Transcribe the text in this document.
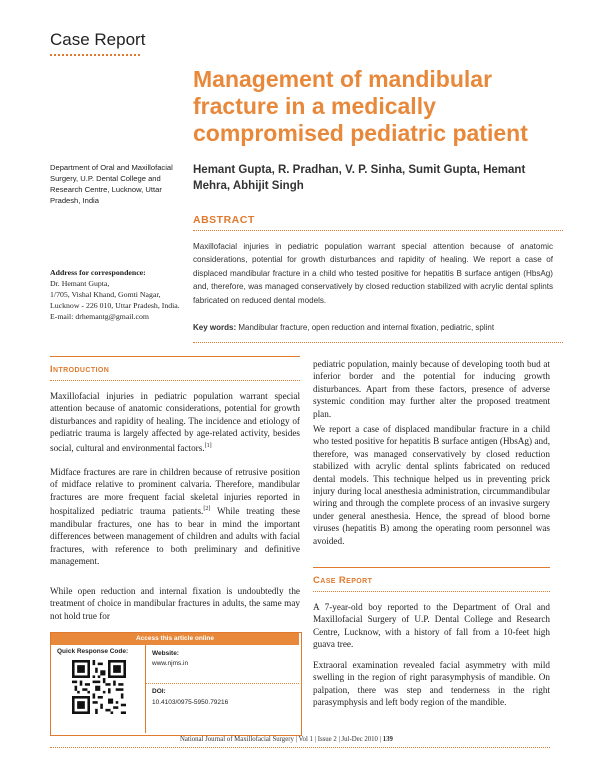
Case Report
Management of mandibular fracture in a medically compromised pediatric patient
Department of Oral and Maxillofacial Surgery, U.P. Dental College and Research Centre, Lucknow, Uttar Pradesh, India
Address for correspondence:
Dr. Hemant Gupta,
1/705, Vishal Khand, Gomti Nagar, Lucknow - 226 010, Uttar Pradesh, India.
E-mail: drhemantg@gmail.com
Hemant Gupta, R. Pradhan, V. P. Sinha, Sumit Gupta, Hemant Mehra, Abhijit Singh
ABSTRACT
Maxillofacial injuries in pediatric population warrant special attention because of anatomic considerations, potential for growth disturbances and rapidity of healing. We report a case of displaced mandibular fracture in a child who tested positive for hepatitis B surface antigen (HbsAg) and, therefore, was managed conservatively by closed reduction stabilized with acrylic dental splints fabricated on reduced dental models.
Key words: Mandibular fracture, open reduction and internal fixation, pediatric, splint
Introduction
Maxillofacial injuries in pediatric population warrant special attention because of anatomic considerations, potential for growth disturbances and rapidity of healing. The incidence and etiology of pediatric trauma is largely affected by age-related activity, besides social, cultural and environmental factors.[1]
Midface fractures are rare in children because of retrusive position of midface relative to prominent calvaria. Therefore, mandibular fractures are more frequent facial skeletal injuries reported in hospitalized pediatric trauma patients.[2] While treating these mandibular fractures, one has to bear in mind the important differences between management of children and adults with facial fractures, with reference to both preliminary and definitive management.
While open reduction and internal fixation is undoubtedly the treatment of choice in mandibular fractures in adults, the same may not hold true for
Access this article online
Quick Response Code:	Website:
www.njms.in
DOI:
10.4103/0975-5950.79216
pediatric population, mainly because of developing tooth bud at inferior border and the potential for inducing growth disturbances. Apart from these factors, presence of adverse systemic condition may further alter the proposed treatment plan.
We report a case of displaced mandibular fracture in a child who tested positive for hepatitis B surface antigen (HbsAg) and, therefore, was managed conservatively by closed reduction stabilized with acrylic dental splints fabricated on reduced dental models. This technique helped us in preventing prick injury during local anesthesia administration, circummandibular wiring and through the complete process of an invasive surgery under general anesthesia. Hence, the spread of blood borne viruses (hepatitis B) among the operating room personnel was avoided.
Case Report
A 7-year-old boy reported to the Department of Oral and Maxillofacial Surgery of U.P. Dental College and Research Centre, Lucknow, with a history of fall from a 10-feet high guava tree.
Extraoral examination revealed facial asymmetry with mild swelling in the region of right parasymphysis of mandible. On palpation, there was step and tenderness in the right parasymphysis and left body region of the mandible.
National Journal of Maxillofacial Surgery | Vol 1 | Issue 2 | Jul-Dec 2010 | 139
